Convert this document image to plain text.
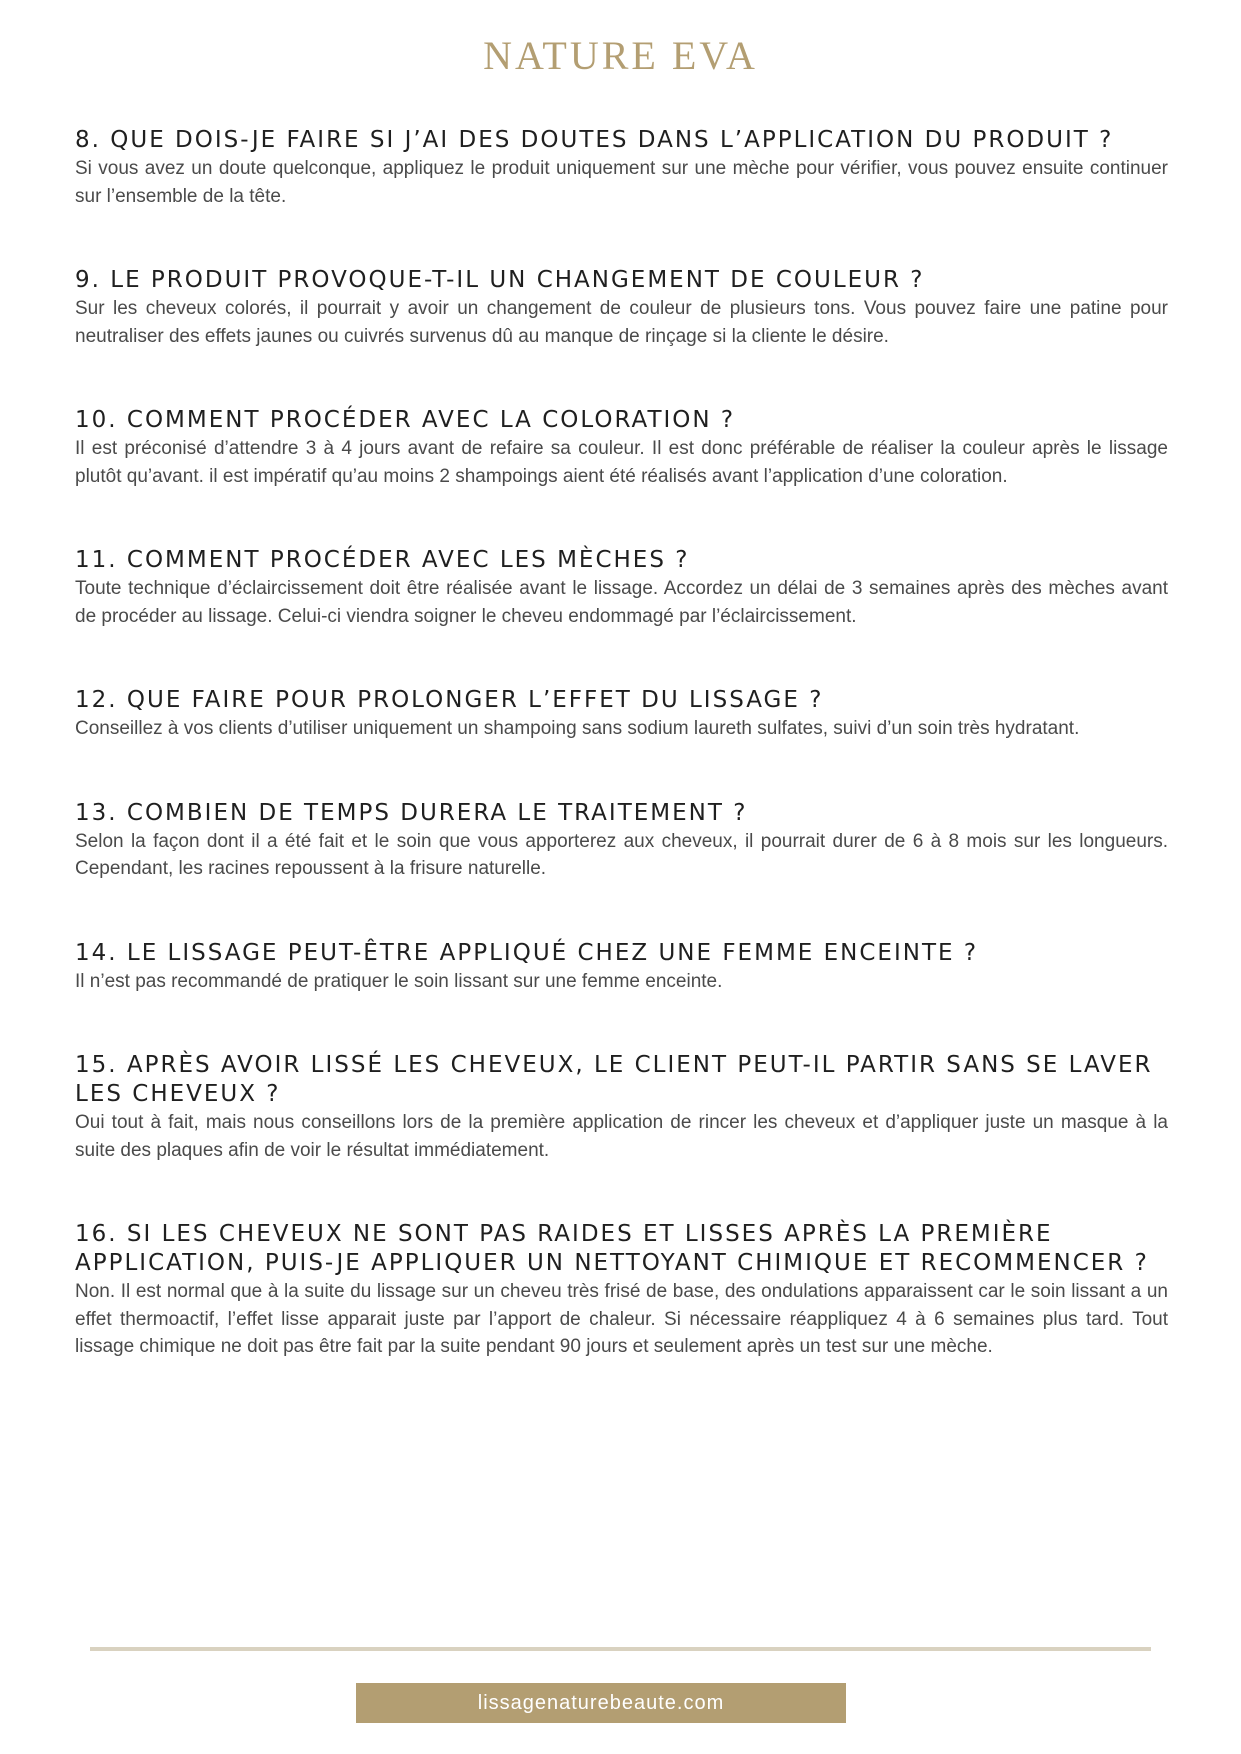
NATURE EVA
8. QUE DOIS-JE FAIRE SI J’AI DES DOUTES DANS L’APPLICATION DU PRODUIT ?

Si vous avez un doute quelconque, appliquez le produit uniquement sur une mèche pour vérifier, vous pouvez ensuite continuer sur l’ensemble de la tête.

9. LE PRODUIT PROVOQUE-T-IL UN CHANGEMENT DE COULEUR ?

Sur les cheveux colorés, il pourrait y avoir un changement de couleur de plusieurs tons. Vous pouvez faire une patine pour neutraliser des effets jaunes ou cuivrés survenus dû au manque de rinçage si la cliente le désire.

10. COMMENT PROCÉDER AVEC LA COLORATION ?

Il est préconisé d’attendre 3 à 4 jours avant de refaire sa couleur. Il est donc préférable de réaliser la couleur après le lissage plutôt qu’avant. il est impératif qu’au moins 2 shampoings aient été réalisés avant l’application d’une coloration.

11. COMMENT PROCÉDER AVEC LES MÈCHES ?

Toute technique d’éclaircissement doit être réalisée avant le lissage. Accordez un délai de 3 semaines après des mèches avant de procéder au lissage. Celui-ci viendra soigner le cheveu endommagé par l’éclaircissement.

12. QUE FAIRE POUR PROLONGER L’EFFET DU LISSAGE ?

Conseillez à vos clients d’utiliser uniquement un shampoing sans sodium laureth sulfates, suivi d’un soin très hydratant.

13. COMBIEN DE TEMPS DURERA LE TRAITEMENT ?

Selon la façon dont il a été fait et le soin que vous apporterez aux cheveux, il pourrait durer de 6 à 8 mois sur les longueurs. Cependant, les racines repoussent à la frisure naturelle.

14. LE LISSAGE PEUT-ÊTRE APPLIQUÉ CHEZ UNE FEMME ENCEINTE ?

Il n’est pas recommandé de pratiquer le soin lissant sur une femme enceinte.

15. APRÈS AVOIR LISSÉ LES CHEVEUX, LE CLIENT PEUT-IL PARTIR SANS SE LAVER LES CHEVEUX ?

Oui tout à fait, mais nous conseillons lors de la première application de rincer les cheveux et d’appliquer juste un masque à la suite des plaques afin de voir le résultat immédiatement.

16. SI LES CHEVEUX NE SONT PAS RAIDES ET LISSES APRÈS LA PREMIÈRE APPLICATION, PUIS-JE APPLIQUER UN NETTOYANT CHIMIQUE ET RECOMMENCER ?

Non. Il est normal que à la suite du lissage sur un cheveu très frisé de base, des ondulations apparaissent car le soin lissant a un effet thermoactif, l’effet lisse apparait juste par l’apport de chaleur. Si nécessaire réappliquez 4 à 6 semaines plus tard. Tout lissage chimique ne doit pas être fait par la suite pendant 90 jours et seulement après un test sur une mèche.

lissagenaturebeaute.com
